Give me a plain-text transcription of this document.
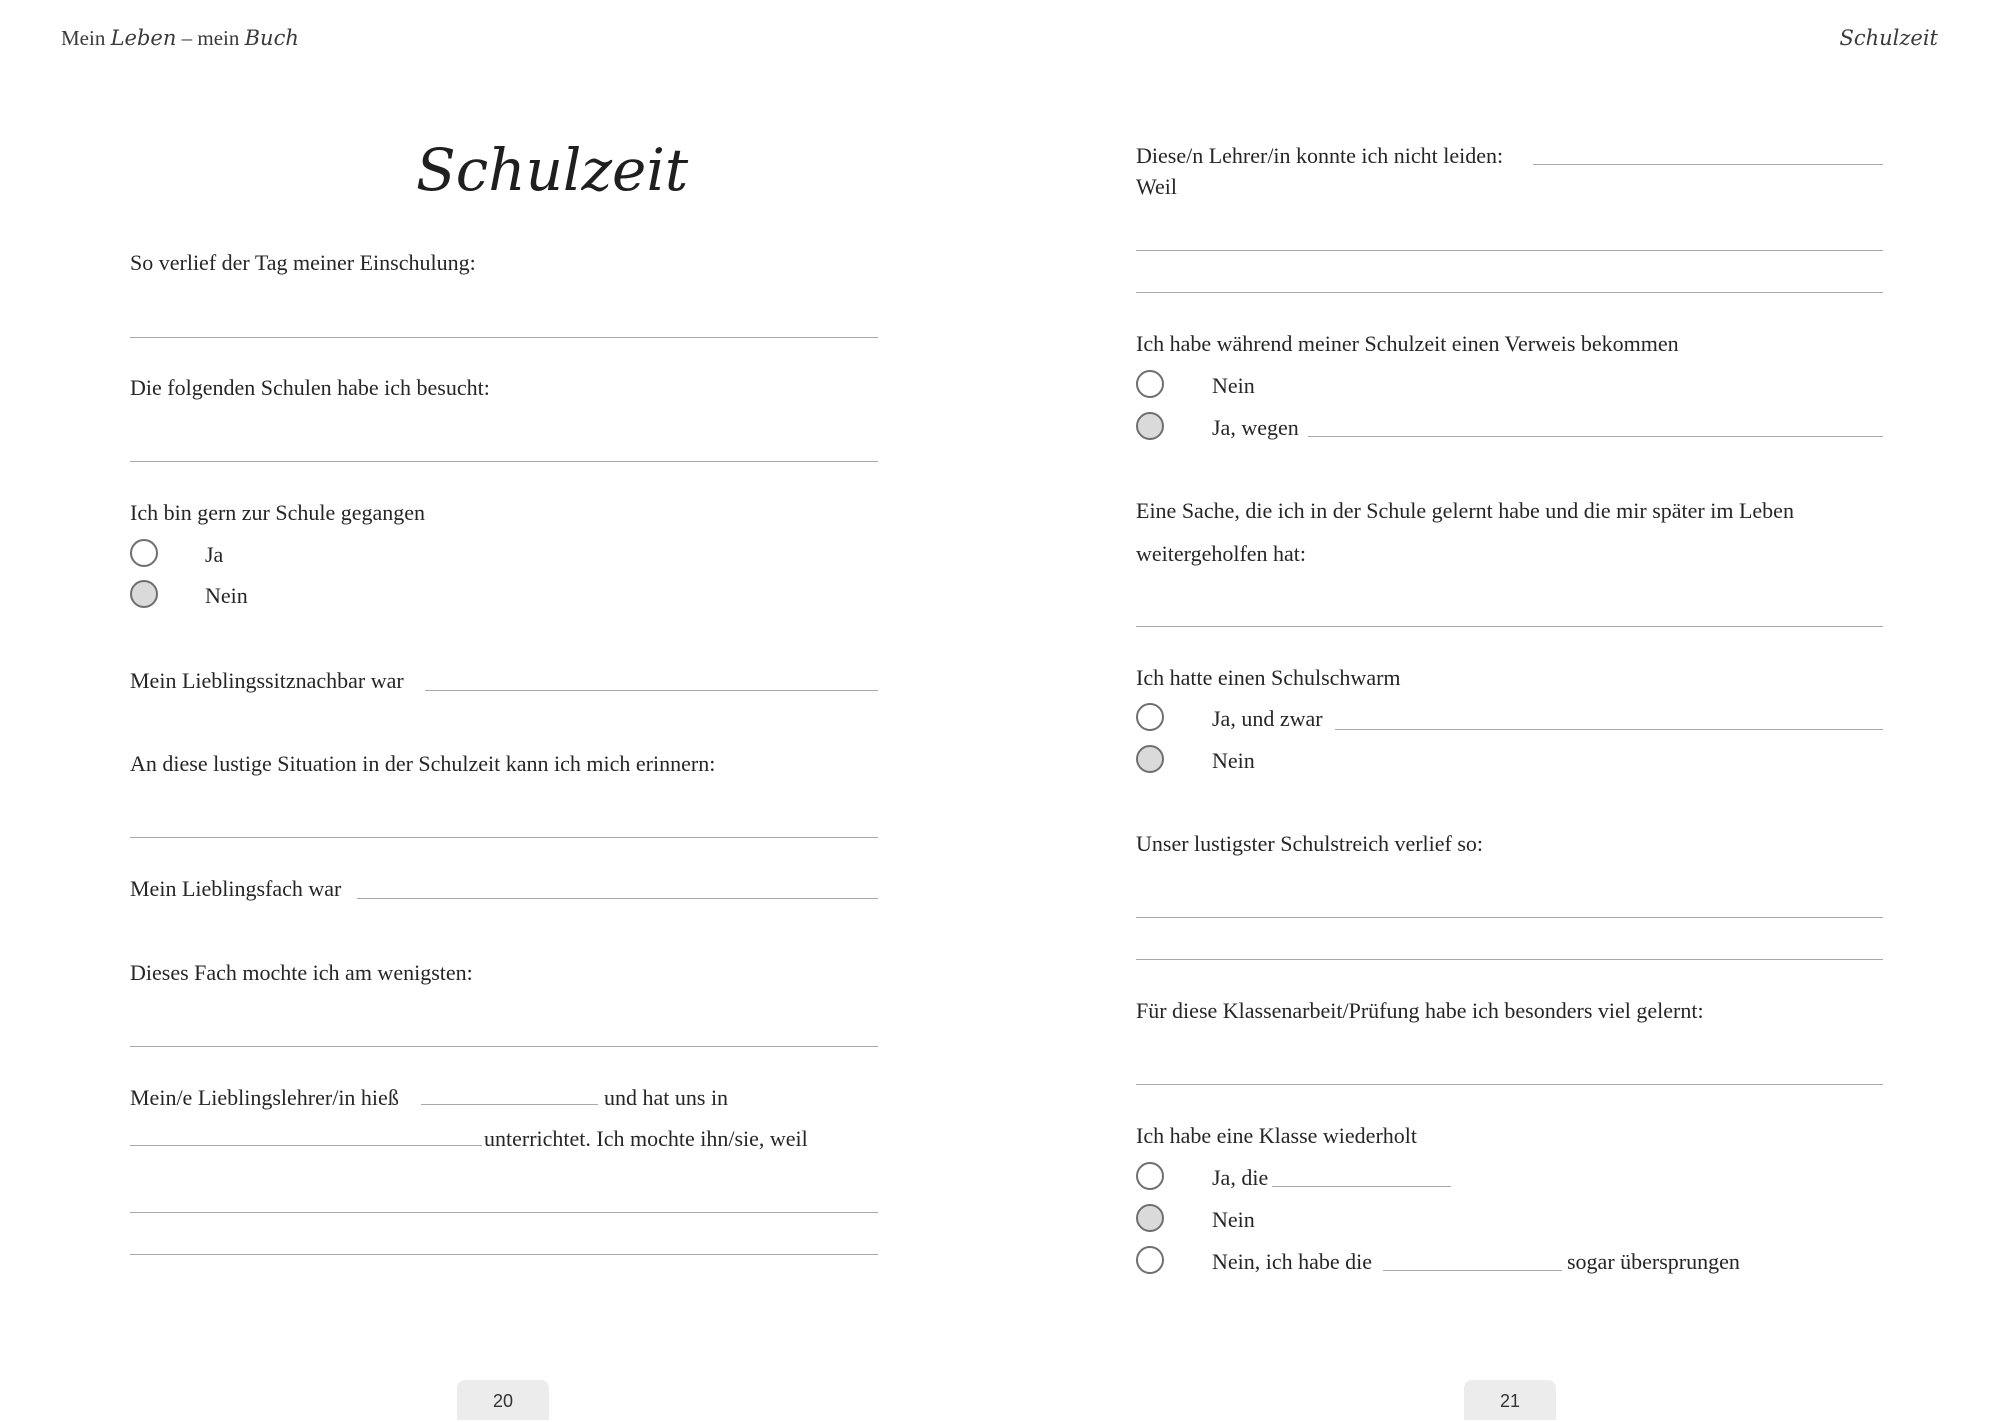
Mein Leben – mein Buch	Schulzeit
Schulzeit
So verlief der Tag meiner Einschulung:
Die folgenden Schulen habe ich besucht:
Ich bin gern zur Schule gegangen
Ja
Nein
Mein Lieblingssitznachbar war
An diese lustige Situation in der Schulzeit kann ich mich erinnern:
Mein Lieblingsfach war
Dieses Fach mochte ich am wenigsten:
Mein/e Lieblingslehrer/in hieß	und hat uns in
unterrichtet. Ich mochte ihn/sie, weil
20
Diese/n Lehrer/in konnte ich nicht leiden:
Weil
Ich habe während meiner Schulzeit einen Verweis bekommen
Nein
Ja, wegen
Eine Sache, die ich in der Schule gelernt habe und die mir später im Leben
weitergeholfen hat:
Ich hatte einen Schulschwarm
Ja, und zwar
Nein
Unser lustigster Schulstreich verlief so:
Für diese Klassenarbeit/Prüfung habe ich besonders viel gelernt:
Ich habe eine Klasse wiederholt
Ja, die
Nein
Nein, ich habe die	sogar übersprungen
21
